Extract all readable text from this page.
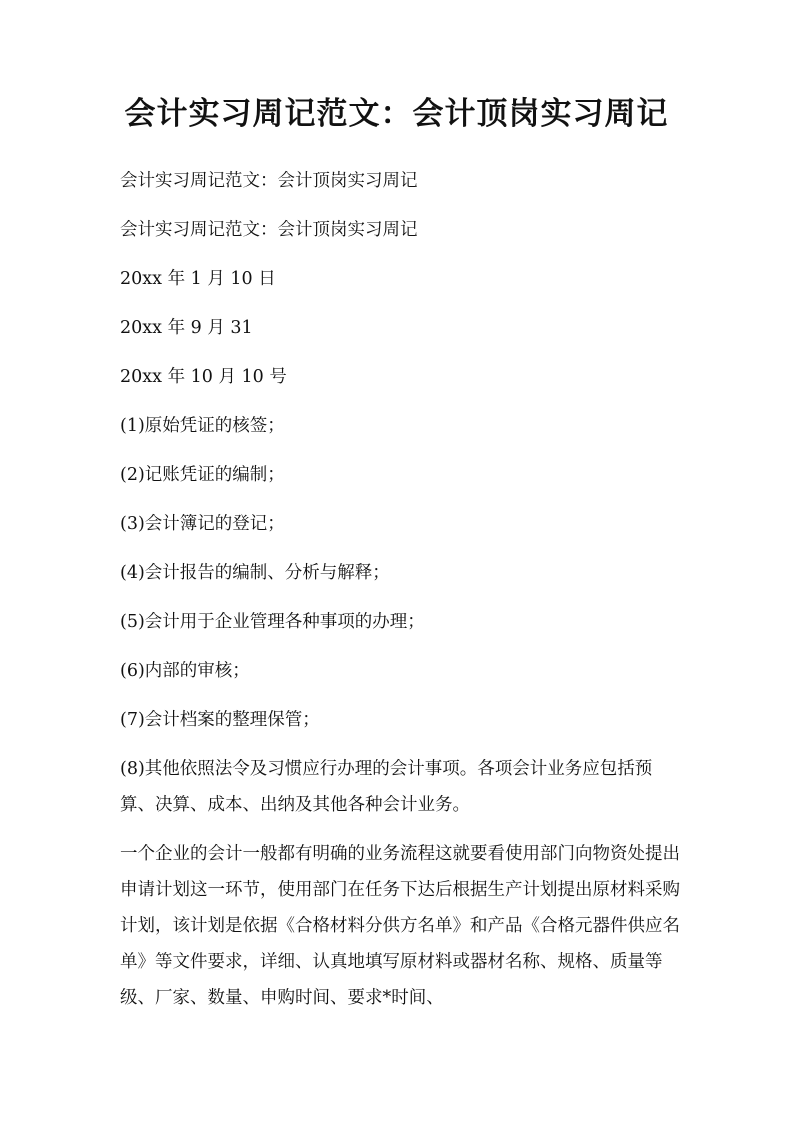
会计实习周记范文：会计顶岗实习周记

会计实习周记范文：会计顶岗实习周记

会计实习周记范文：会计顶岗实习周记

20xx 年 1 月 10 日

20xx 年 9 月 31

20xx 年 10 月 10 号

(1)原始凭证的核签；

(2)记账凭证的编制；

(3)会计簿记的登记；

(4)会计报告的编制、分析与解释；

(5)会计用于企业管理各种事项的办理；

(6)内部的审核；

(7)会计档案的整理保管；

(8)其他依照法令及习惯应行办理的会计事项。各项会计业务应包括预算、决算、成本、出纳及其他各种会计业务。

一个企业的会计一般都有明确的业务流程这就要看使用部门向物资处提出申请计划这一环节，使用部门在任务下达后根据生产计划提出原材料采购计划，该计划是依据《合格材料分供方名单》和产品《合格元器件供应名单》等文件要求，详细、认真地填写原材料或器材名称、规格、质量等级、厂家、数量、申购时间、要求*时间、
